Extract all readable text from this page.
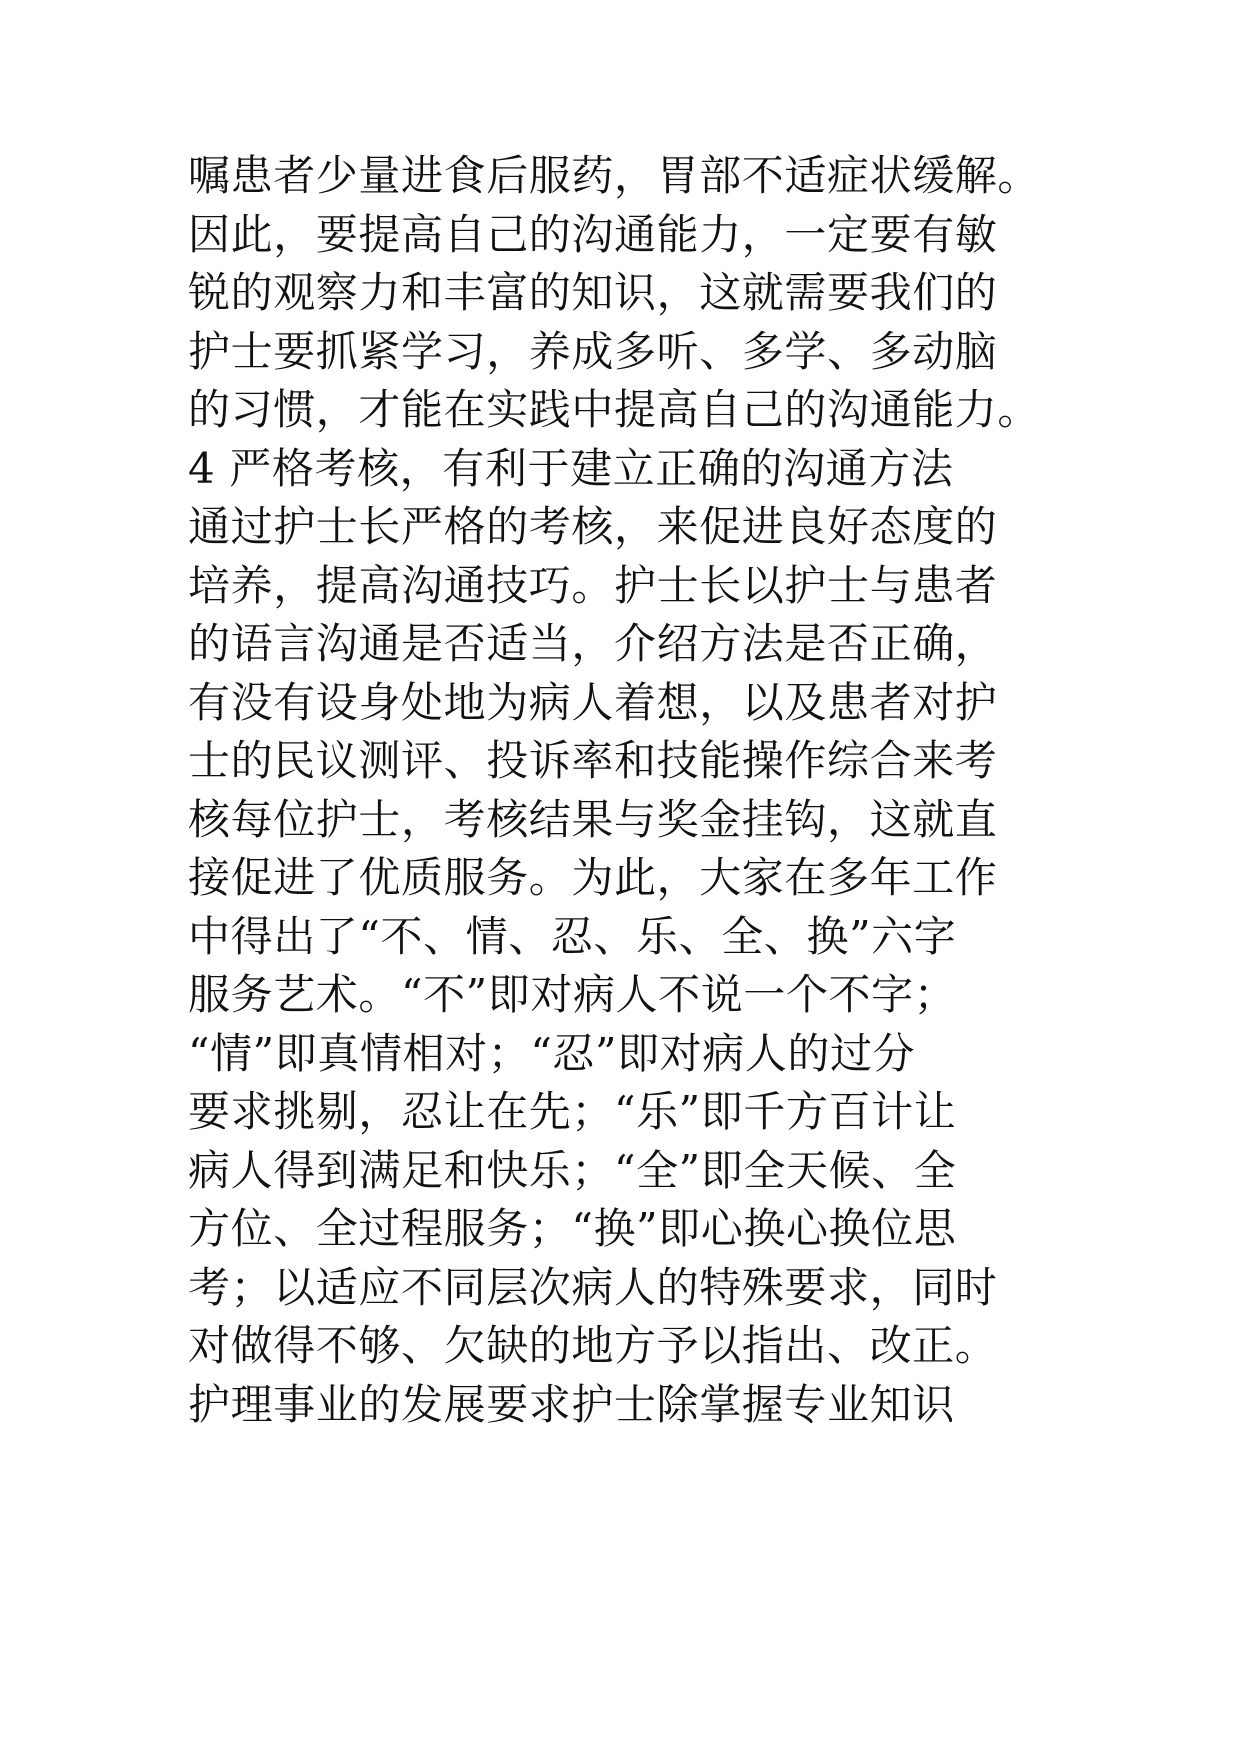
嘱患者少量进食后服药，胃部不适症状缓解。
因此，要提高自己的沟通能力，一定要有敏
锐的观察力和丰富的知识，这就需要我们的
护士要抓紧学习，养成多听、多学、多动脑
的习惯，才能在实践中提高自己的沟通能力。
4 严格考核，有利于建立正确的沟通方法
通过护士长严格的考核，来促进良好态度的
培养，提高沟通技巧。护士长以护士与患者
的语言沟通是否适当，介绍方法是否正确，
有没有设身处地为病人着想，以及患者对护
士的民议测评、投诉率和技能操作综合来考
核每位护士，考核结果与奖金挂钩，这就直
接促进了优质服务。为此，大家在多年工作
中得出了“不、情、忍、乐、全、换”六字
服务艺术。“不”即对病人不说一个不字；
“情”即真情相对；“忍”即对病人的过分
要求挑剔，忍让在先；“乐”即千方百计让
病人得到满足和快乐；“全”即全天候、全
方位、全过程服务；“换”即心换心换位思
考；以适应不同层次病人的特殊要求，同时
对做得不够、欠缺的地方予以指出、改正。
护理事业的发展要求护士除掌握专业知识
